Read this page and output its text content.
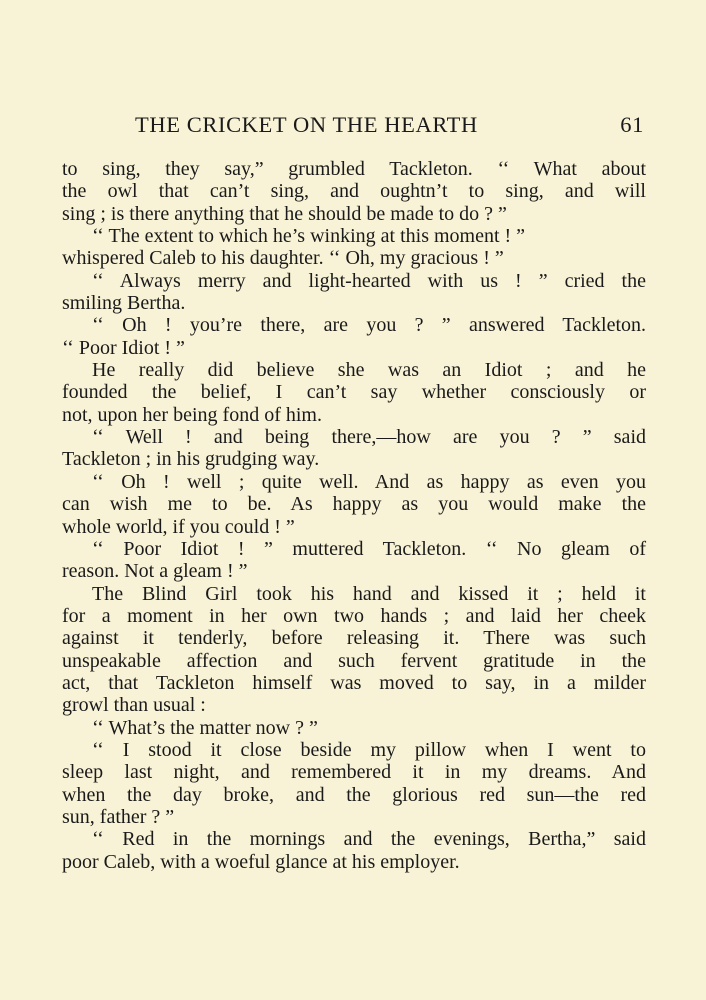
THE CRICKET ON THE HEARTH	61
to sing, they say,” grumbled Tackleton. ‘‘ What about
the owl that can’t sing, and oughtn’t to sing, and will
sing ; is there anything that he should be made to do ? ”
‘‘ The extent to which he’s winking at this moment ! ”
whispered Caleb to his daughter. ‘‘ Oh, my gracious ! ”
‘‘ Always merry and light-hearted with us ! ” cried the
smiling Bertha.
‘‘ Oh ! you’re there, are you ? ” answered Tackleton.
‘‘ Poor Idiot ! ”
He really did believe she was an Idiot ; and he
founded the belief, I can’t say whether consciously or
not, upon her being fond of him.
‘‘ Well ! and being there,—how are you ? ” said
Tackleton ; in his grudging way.
‘‘ Oh ! well ; quite well. And as happy as even you
can wish me to be. As happy as you would make the
whole world, if you could ! ”
‘‘ Poor Idiot ! ” muttered Tackleton. ‘‘ No gleam of
reason. Not a gleam ! ”
The Blind Girl took his hand and kissed it ; held it
for a moment in her own two hands ; and laid her cheek
against it tenderly, before releasing it. There was such
unspeakable affection and such fervent gratitude in the
act, that Tackleton himself was moved to say, in a milder
growl than usual :
‘‘ What’s the matter now ? ”
‘‘ I stood it close beside my pillow when I went to
sleep last night, and remembered it in my dreams. And
when the day broke, and the glorious red sun—the red
sun, father ? ”
‘‘ Red in the mornings and the evenings, Bertha,” said
poor Caleb, with a woeful glance at his employer.
